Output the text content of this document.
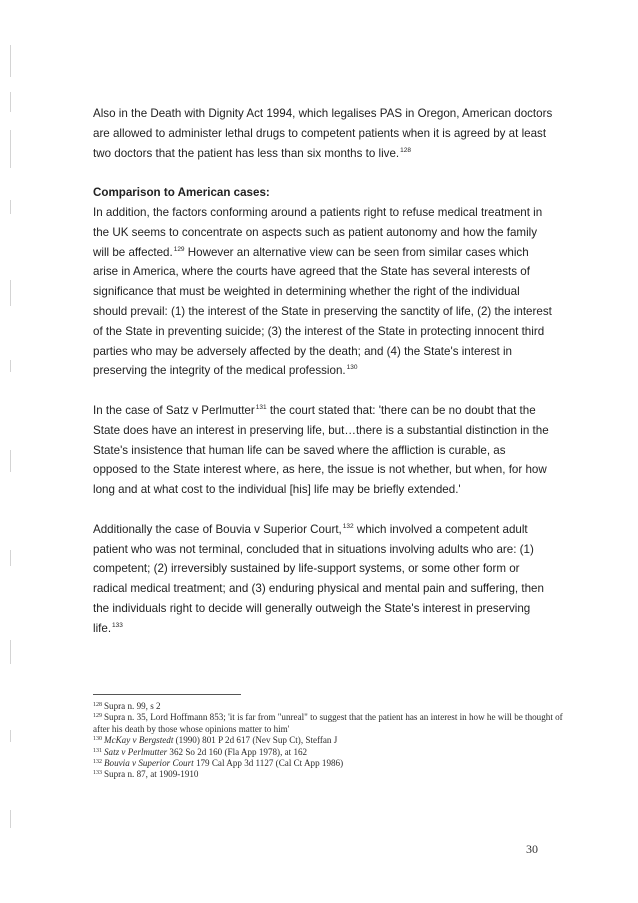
Also in the Death with Dignity Act 1994, which legalises PAS in Oregon, American doctors are allowed to administer lethal drugs to competent patients when it is agreed by at least two doctors that the patient has less than six months to live.$^{128}$

Comparison to American cases:

In addition, the factors conforming around a patients right to refuse medical treatment in the UK seems to concentrate on aspects such as patient autonomy and how the family will be affected.$^{129}$ However an alternative view can be seen from similar cases which arise in America, where the courts have agreed that the State has several interests of significance that must be weighted in determining whether the right of the individual should prevail: (1) the interest of the State in preserving the sanctity of life, (2) the interest of the State in preventing suicide; (3) the interest of the State in protecting innocent third parties who may be adversely affected by the death; and (4) the State's interest in preserving the integrity of the medical profession.$^{130}$

In the case of Satz v Perlmutter$^{131}$ the court stated that: 'there can be no doubt that the State does have an interest in preserving life, but…there is a substantial distinction in the State's insistence that human life can be saved where the affliction is curable, as opposed to the State interest where, as here, the issue is not whether, but when, for how long and at what cost to the individual [his] life may be briefly extended.'

Additionally the case of Bouvia v Superior Court,$^{132}$ which involved a competent adult patient who was not terminal, concluded that in situations involving adults who are: (1) competent; (2) irreversibly sustained by life-support systems, or some other form or radical medical treatment; and (3) enduring physical and mental pain and suffering, then the individuals right to decide will generally outweigh the State's interest in preserving life.$^{133}$

$^{128}$ Supra n. 99, s 2

$^{129}$ Supra n. 35, Lord Hoffmann 853; 'it is far from "unreal" to suggest that the patient has an interest in how he will be thought of after his death by those whose opinions matter to him'

$^{130}$ McKay v Bergstedt (1990) 801 P 2d 617 (Nev Sup Ct), Steffan J

$^{131}$ Satz v Perlmutter 362 So 2d 160 (Fla App 1978), at 162

$^{132}$ Bouvia v Superior Court 179 Cal App 3d 1127 (Cal Ct App 1986)

$^{133}$ Supra n. 87, at 1909-1910

30
